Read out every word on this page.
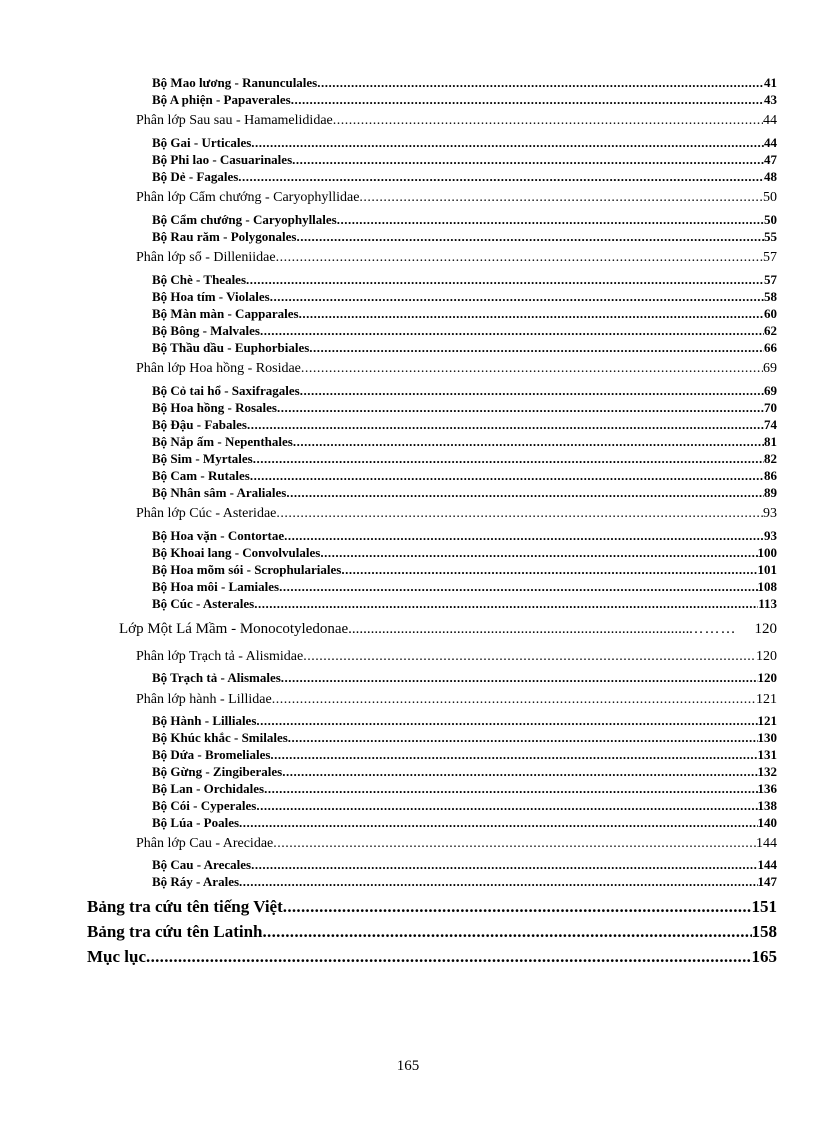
Bộ Mao lương - Ranunculales .....	41
Bộ A phiện - Papaverales .....	43
Phân lớp Sau sau - Hamamelididae .....	44
Bộ Gai - Urticales .....	44
Bộ Phi lao - Casuarinales .....	47
Bộ Dẻ - Fagales .....	48
Phân lớp Cẩm chướng - Caryophyllidae .....	50
Bộ Cẩm chướng - Caryophyllales .....	50
Bộ Rau răm - Polygonales .....	55
Phân lớp sổ - Dilleniidae .....	57
Bộ Chè - Theales .....	57
Bộ Hoa tím - Violales .....	58
Bộ Màn màn - Capparales .....	60
Bộ Bông - Malvales .....	62
Bộ Thầu dầu - Euphorbiales .....	66
Phân lớp Hoa hồng - Rosidae .....	69
Bộ Cỏ tai hổ - Saxifragales .....	69
Bộ Hoa hồng - Rosales .....	70
Bộ Đậu - Fabales .....	74
Bộ Nắp ấm - Nepenthales .....	81
Bộ Sim - Myrtales .....	82
Bộ Cam - Rutales .....	86
Bộ Nhân sâm - Araliales .....	89
Phân lớp Cúc - Asteridae .....	93
Bộ Hoa vặn - Contortae .....	93
Bộ Khoai lang - Convolvulales .....	100
Bộ Hoa mõm sói - Scrophulariales .....	101
Bộ Hoa môi - Lamiales .....	108
Bộ Cúc - Asterales .....	113
Lớp Một Lá Mầm - Monocotyledonae .....	………	120
Phân lớp Trạch tả - Alismidae .....	120
Bộ Trạch tả - Alismales .....	120
Phân lớp hành - Lillidae .....	121
Bộ Hành - Lilliales .....	121
Bộ Khúc khắc - Smilales .....	130
Bộ Dứa - Bromeliales .....	131
Bộ Gừng - Zingiberales .....	132
Bộ Lan - Orchidales .....	136
Bộ Cói - Cyperales .....	138
Bộ Lúa - Poales .....	140
Phân lớp Cau - Arecidae .....	144
Bộ Cau - Arecales .....	144
Bộ Ráy - Arales .....	147
Bảng tra cứu tên tiếng Việt .....	151
Bảng tra cứu tên Latinh .....	158
Mục lục .....	165
165
